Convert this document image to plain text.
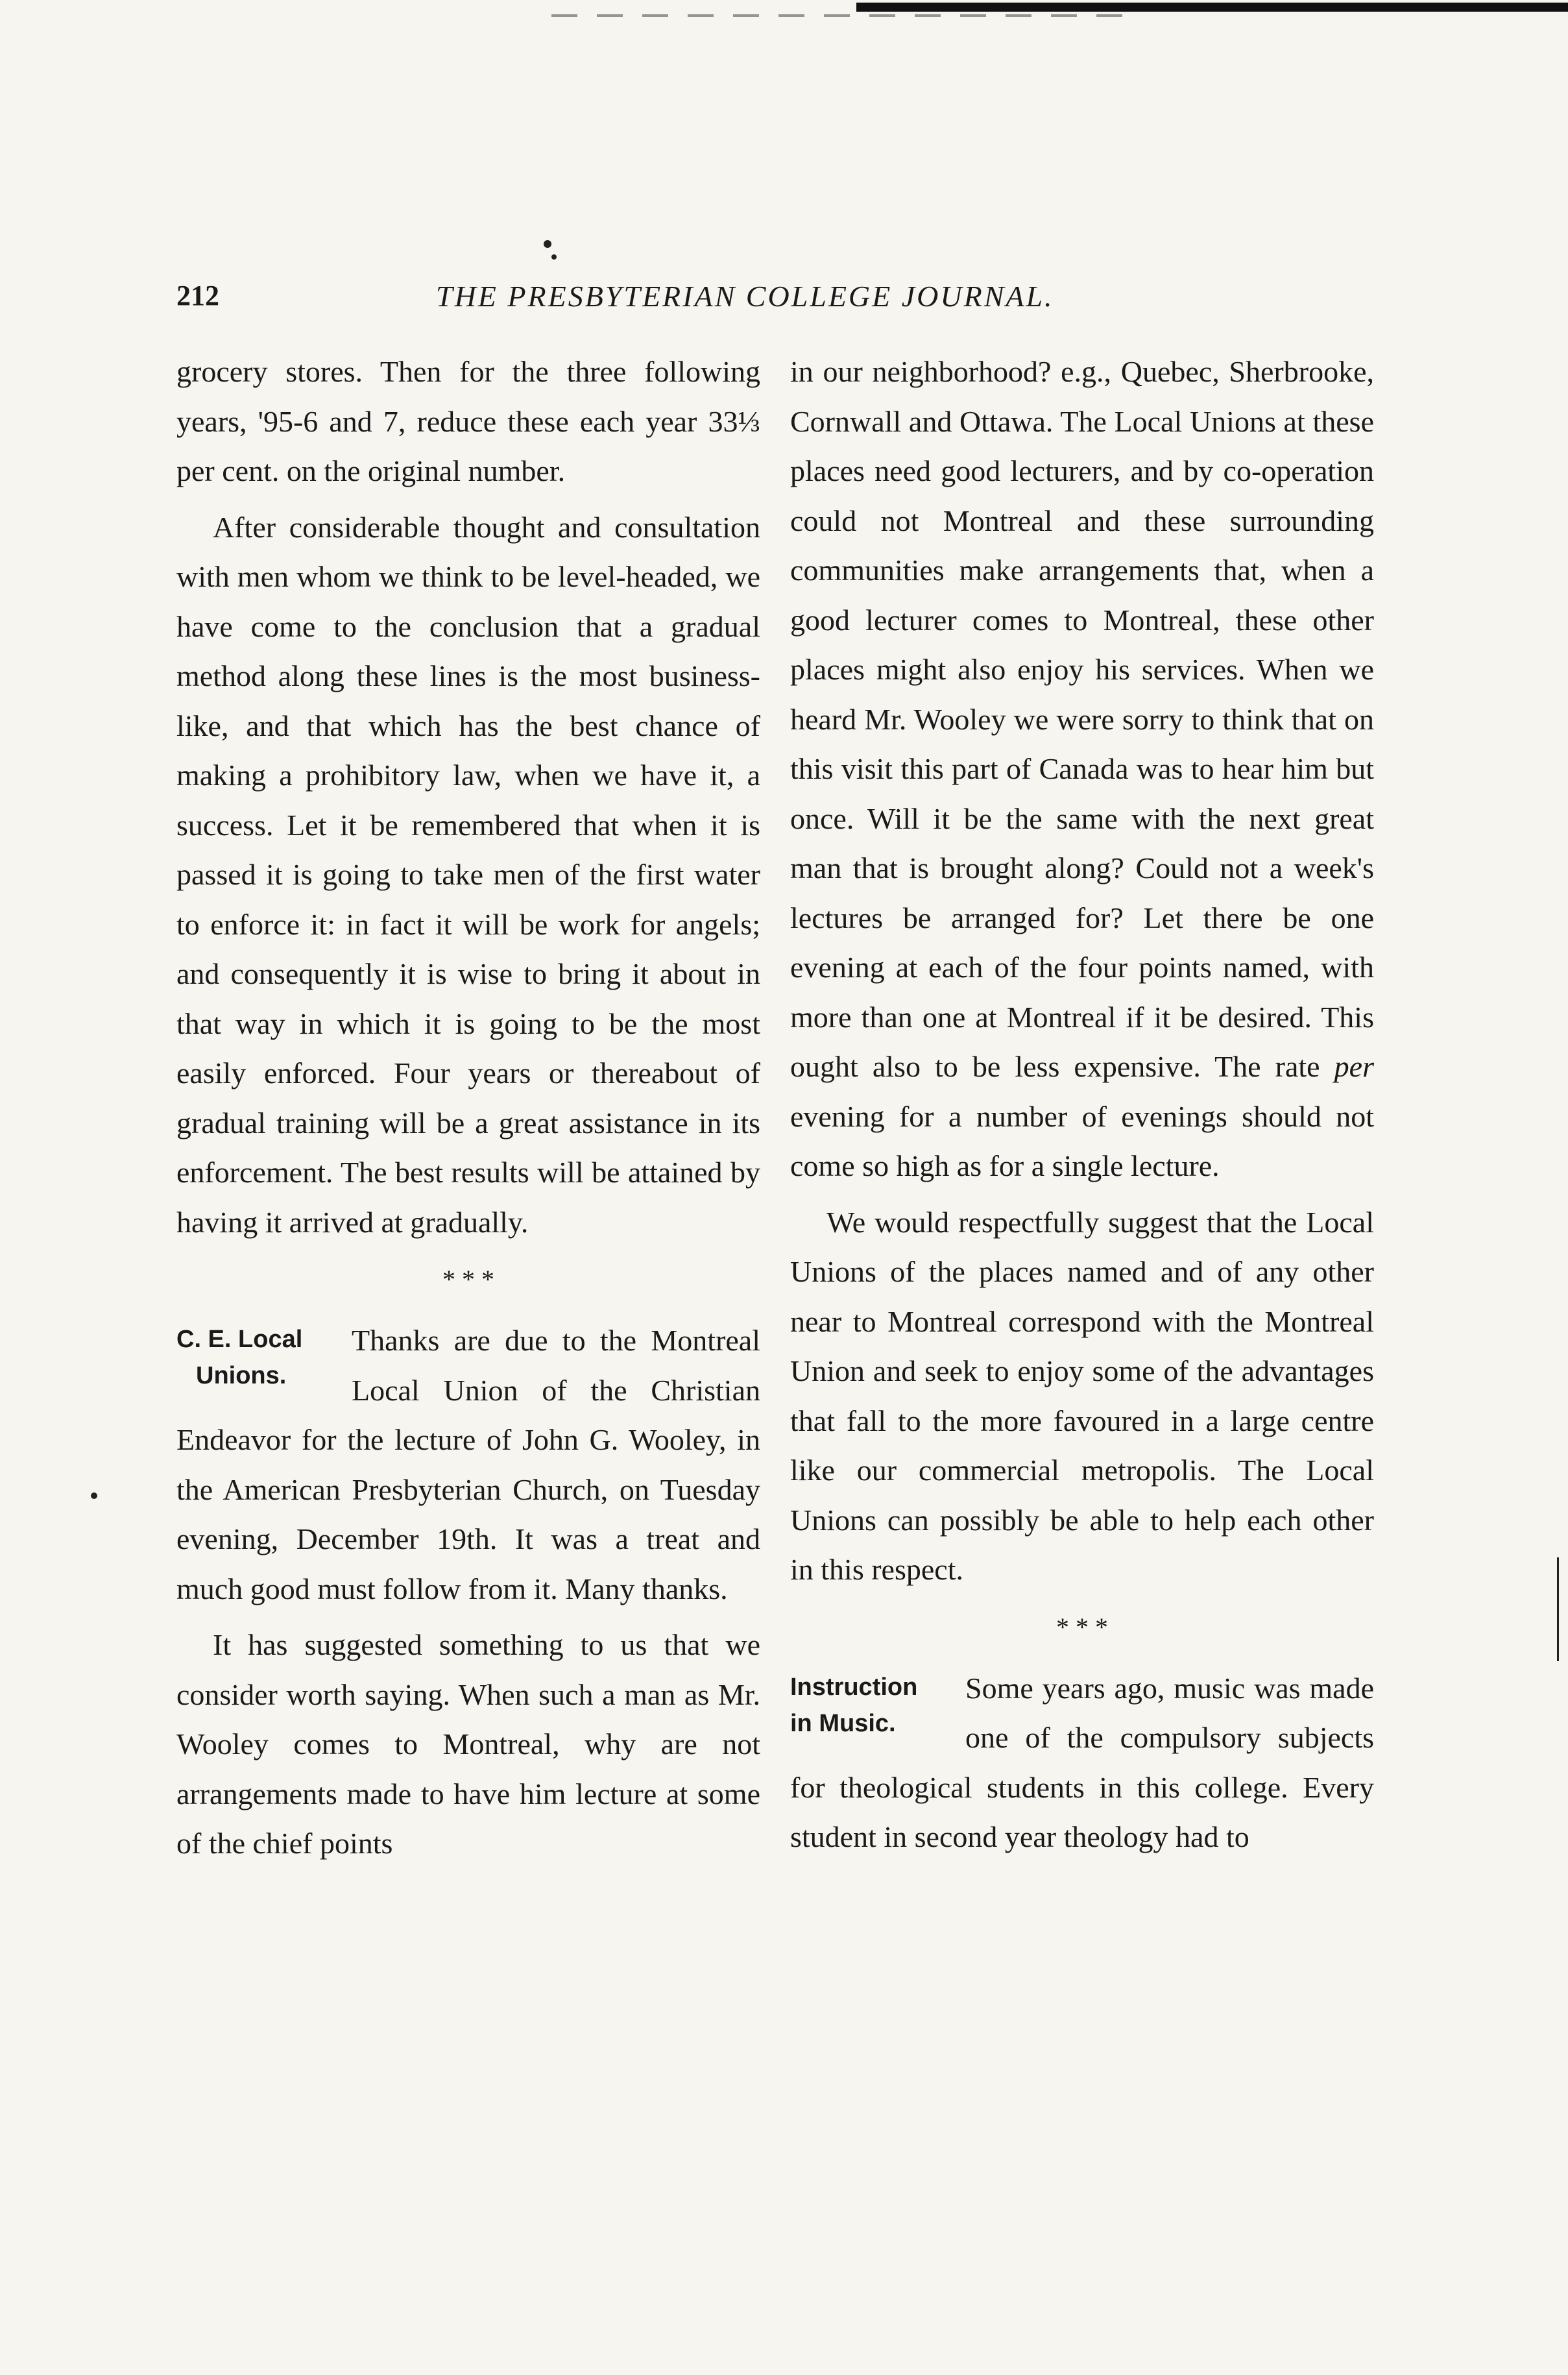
212	THE PRESBYTERIAN COLLEGE JOURNAL.

grocery stores. Then for the three following years, '95-6 and 7, reduce these each year 33⅓ per cent. on the original number.

After considerable thought and consultation with men whom we think to be level-headed, we have come to the conclusion that a gradual method along these lines is the most business-like, and that which has the best chance of making a prohibitory law, when we have it, a success. Let it be remembered that when it is passed it is going to take men of the first water to enforce it: in fact it will be work for angels; and consequently it is wise to bring it about in that way in which it is going to be the most easily enforced. Four years or thereabout of gradual training will be a great assistance in its enforcement. The best results will be attained by having it arrived at gradually.

* * *
C. E. Local
Unions.

Thanks are due to the Montreal Local Union of the Christian Endeavor for the lecture of John G. Wooley, in the American Presbyterian Church, on Tuesday evening, December 19th. It was a treat and much good must follow from it. Many thanks.

It has suggested something to us that we consider worth saying. When such a man as Mr. Wooley comes to Montreal, why are not arrangements made to have him lecture at some of the chief points

in our neighborhood? e.g., Quebec, Sherbrooke, Cornwall and Ottawa. The Local Unions at these places need good lecturers, and by co-operation could not Montreal and these surrounding communities make arrangements that, when a good lecturer comes to Montreal, these other places might also enjoy his services. When we heard Mr. Wooley we were sorry to think that on this visit this part of Canada was to hear him but once. Will it be the same with the next great man that is brought along? Could not a week's lectures be arranged for? Let there be one evening at each of the four points named, with more than one at Montreal if it be desired. This ought also to be less expensive. The rate per evening for a number of evenings should not come so high as for a single lecture.

We would respectfully suggest that the Local Unions of the places named and of any other near to Montreal correspond with the Montreal Union and seek to enjoy some of the advantages that fall to the more favoured in a large centre like our commercial metropolis. The Local Unions can possibly be able to help each other in this respect.

* * *
Instruction
in Music.

Some years ago, music was made one of the compulsory subjects for theological students in this college. Every student in second year theology had to
